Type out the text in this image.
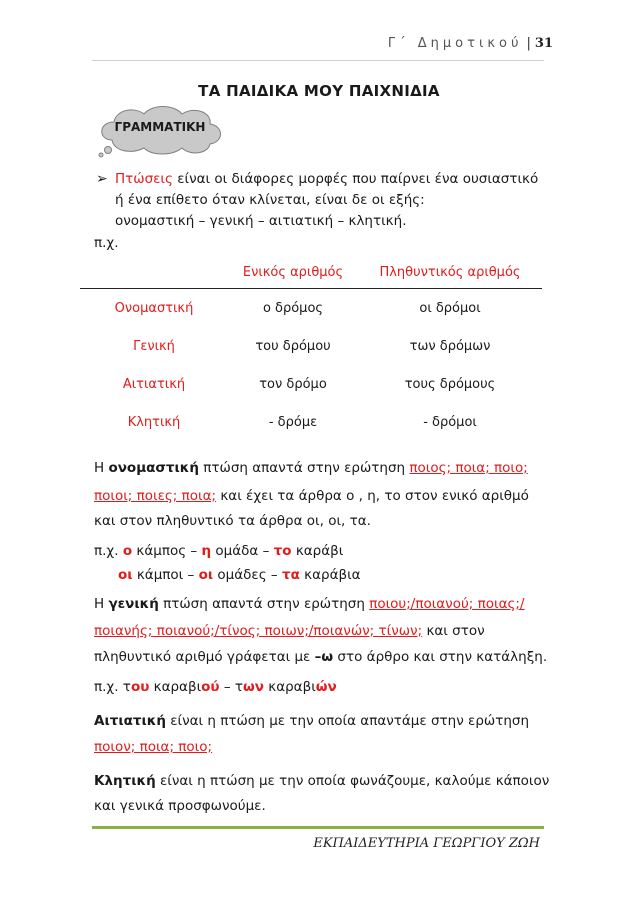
Γ΄ Δημοτικού | 31
ΤΑ ΠΑΙΔΙΚΑ ΜΟΥ ΠΑΙΧΝΙΔΙΑ
ΓΡΑΜΜΑΤΙΚΗ
➢ Πτώσεις είναι οι διάφορες μορφές που παίρνει ένα ουσιαστικό
ή ένα επίθετο όταν κλίνεται, είναι δε οι εξής:
ονομαστική – γενική – αιτιατική – κλητική.
π.χ.
	Ενικός αριθμός	Πληθυντικός αριθμός
Ονομαστική	ο δρόμος	οι δρόμοι
Γενική	του δρόμου	των δρόμων
Αιτιατική	τον δρόμο	τους δρόμους
Κλητική	- δρόμε	- δρόμοι
Η ονομαστική πτώση απαντά στην ερώτηση ποιος; ποια; ποιο;
ποιοι; ποιες; ποια; και έχει τα άρθρα ο , η, το στον ενικό αριθμό
και στον πληθυντικό τα άρθρα οι, οι, τα.
π.χ. ο κάμπος – η ομάδα – το καράβι
οι κάμποι – οι ομάδες – τα καράβια
Η γενική πτώση απαντά στην ερώτηση ποιου;/ποιανού; ποιας;/
ποιανής; ποιανού;/τίνος; ποιων;/ποιανών; τίνων; και στον
πληθυντικό αριθμό γράφεται με –ω στο άρθρο και στην κατάληξη.
π.χ. του καραβιού – των καραβιών
Αιτιατική είναι η πτώση με την οποία απαντάμε στην ερώτηση
ποιον; ποια; ποιο;
Κλητική είναι η πτώση με την οποία φωνάζουμε, καλούμε κάποιον
και γενικά προσφωνούμε.
ΕΚΠΑΙΔΕΥΤΗΡΙΑ ΓΕΩΡΓΙΟΥ ΖΩΗ
